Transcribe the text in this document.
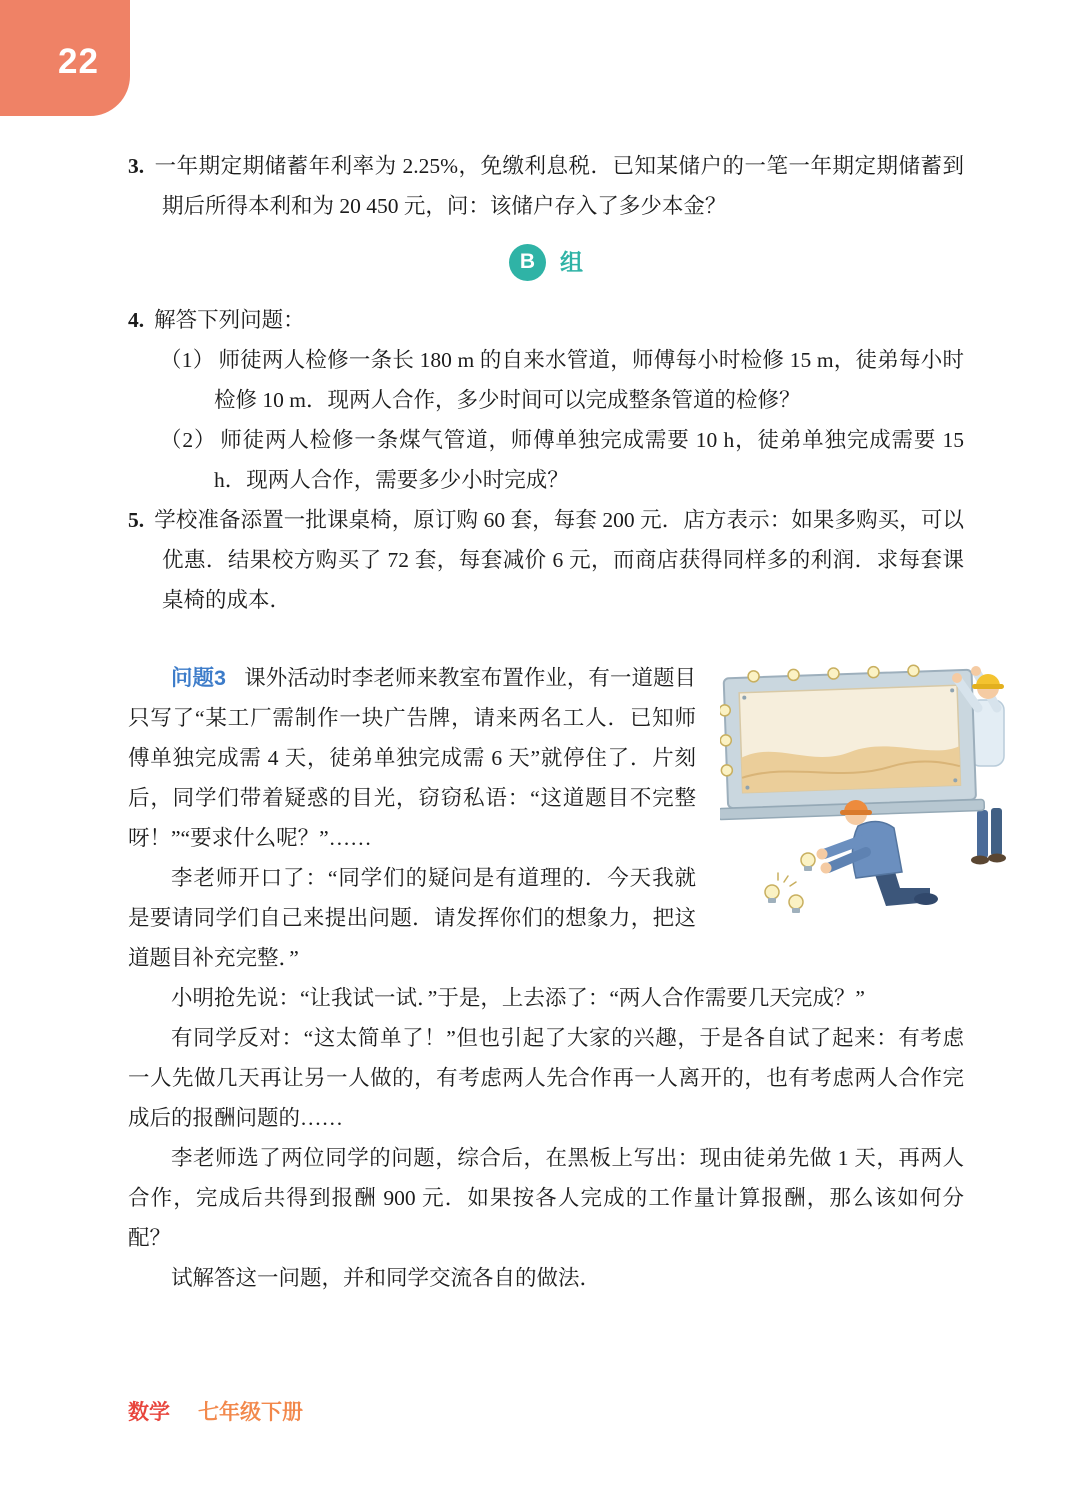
22

3. 一年期定期储蓄年利率为 2.25%，免缴利息税．已知某储户的一笔一年期定期储蓄到期后所得本利和为 20 450 元，问：该储户存入了多少本金？

B	组

4. 解答下列问题：

（1） 师徒两人检修一条长 180 m 的自来水管道，师傅每小时检修 15 m，徒弟每小时检修 10 m．现两人合作，多少时间可以完成整条管道的检修？

（2） 师徒两人检修一条煤气管道，师傅单独完成需要 10 h，徒弟单独完成需要 15 h．现两人合作，需要多少小时完成？

5. 学校准备添置一批课桌椅，原订购 60 套，每套 200 元．店方表示：如果多购买，可以优惠．结果校方购买了 72 套，每套减价 6 元，而商店获得同样多的利润．求每套课桌椅的成本．

问题3 课外活动时李老师来教室布置作业，有一道题目只写了“某工厂需制作一块广告牌，请来两名工人．已知师傅单独完成需 4 天，徒弟单独完成需 6 天”就停住了．片刻后，同学们带着疑惑的目光，窃窃私语：“这道题目不完整呀！”“要求什么呢？”……

李老师开口了：“同学们的疑问是有道理的．今天我就是要请同学们自己来提出问题．请发挥你们的想象力，把这道题目补充完整．”

小明抢先说：“让我试一试．”于是，上去添了：“两人合作需要几天完成？”

有同学反对：“这太简单了！”但也引起了大家的兴趣，于是各自试了起来：有考虑一人先做几天再让另一人做的，有考虑两人先合作再一人离开的，也有考虑两人合作完成后的报酬问题的……

李老师选了两位同学的问题，综合后，在黑板上写出：现由徒弟先做 1 天，再两人合作，完成后共得到报酬 900 元．如果按各人完成的工作量计算报酬，那么该如何分配？

试解答这一问题，并和同学交流各自的做法．

数学 七年级下册
